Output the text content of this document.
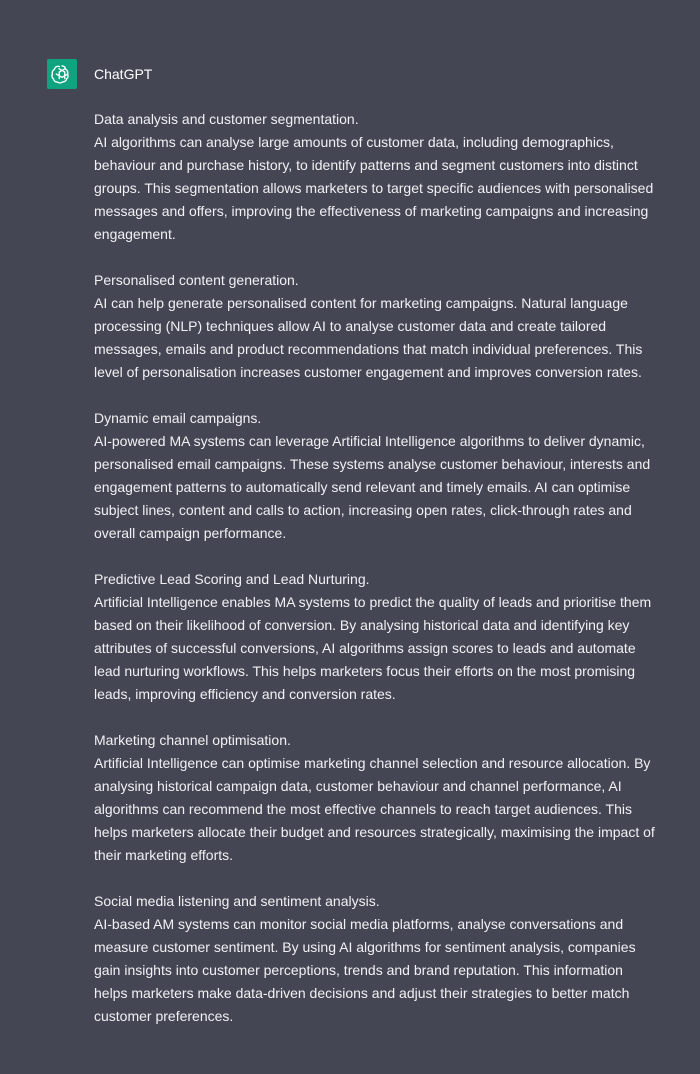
ChatGPT

Data analysis and customer segmentation.

AI algorithms can analyse large amounts of customer data, including demographics, behaviour and purchase history, to identify patterns and segment customers into distinct groups. This segmentation allows marketers to target specific audiences with personalised messages and offers, improving the effectiveness of marketing campaigns and increasing engagement.

Personalised content generation.

AI can help generate personalised content for marketing campaigns. Natural language processing (NLP) techniques allow AI to analyse customer data and create tailored messages, emails and product recommendations that match individual preferences. This level of personalisation increases customer engagement and improves conversion rates.

Dynamic email campaigns.

AI-powered MA systems can leverage Artificial Intelligence algorithms to deliver dynamic, personalised email campaigns. These systems analyse customer behaviour, interests and engagement patterns to automatically send relevant and timely emails. AI can optimise subject lines, content and calls to action, increasing open rates, click-through rates and overall campaign performance.

Predictive Lead Scoring and Lead Nurturing.

Artificial Intelligence enables MA systems to predict the quality of leads and prioritise them based on their likelihood of conversion. By analysing historical data and identifying key attributes of successful conversions, AI algorithms assign scores to leads and automate lead nurturing workflows. This helps marketers focus their efforts on the most promising leads, improving efficiency and conversion rates.

Marketing channel optimisation.

Artificial Intelligence can optimise marketing channel selection and resource allocation. By analysing historical campaign data, customer behaviour and channel performance, AI algorithms can recommend the most effective channels to reach target audiences. This helps marketers allocate their budget and resources strategically, maximising the impact of their marketing efforts.

Social media listening and sentiment analysis.

AI-based AM systems can monitor social media platforms, analyse conversations and measure customer sentiment. By using AI algorithms for sentiment analysis, companies gain insights into customer perceptions, trends and brand reputation. This information helps marketers make data-driven decisions and adjust their strategies to better match customer preferences.
